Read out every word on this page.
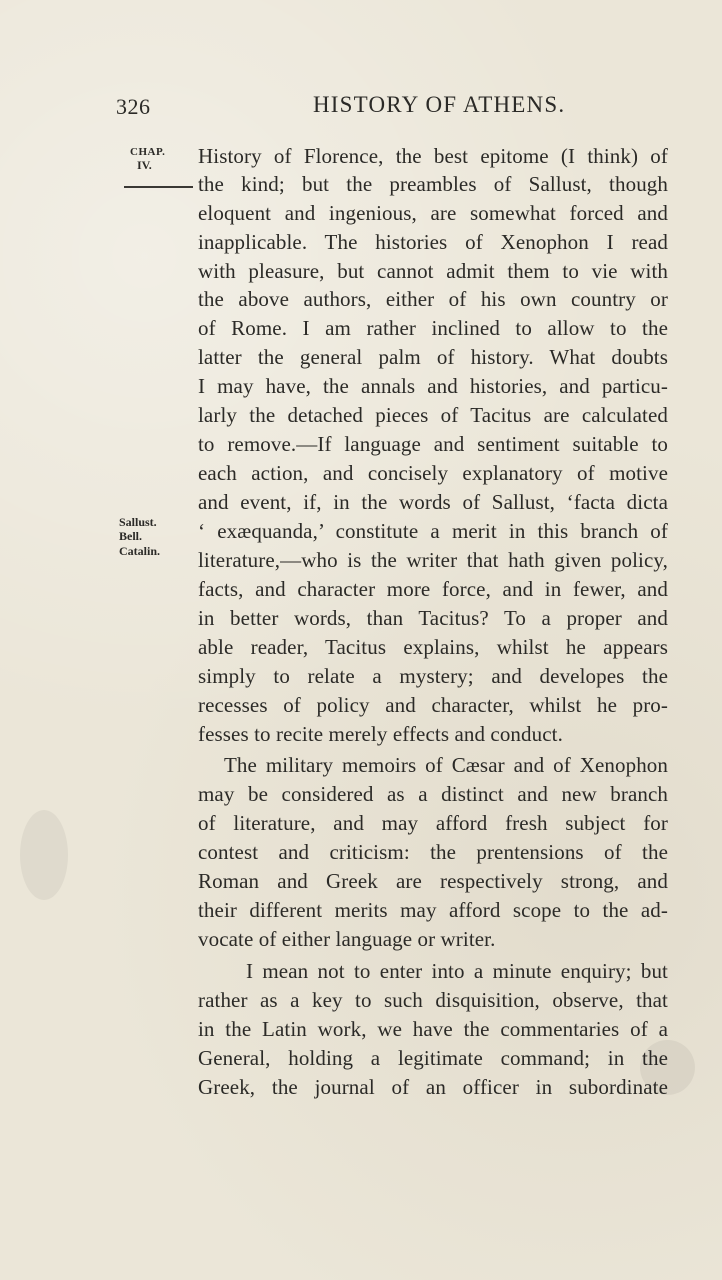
326	HISTORY OF ATHENS.
CHAP.
IV.
Sallust.
Bell.
Catalin.
History of Florence, the best epitome (I think) of
the kind; but the preambles of Sallust, though
eloquent and ingenious, are somewhat forced and
inapplicable. The histories of Xenophon I read
with pleasure, but cannot admit them to vie with
the above authors, either of his own country or
of Rome. I am rather inclined to allow to the
latter the general palm of history. What doubts
I may have, the annals and histories, and particu-
larly the detached pieces of Tacitus are calculated
to remove.—If language and sentiment suitable to
each action, and concisely explanatory of motive
and event, if, in the words of Sallust, ‘facta dicta
‘ exæquanda,’ constitute a merit in this branch of
literature,—who is the writer that hath given policy,
facts, and character more force, and in fewer, and
in better words, than Tacitus? To a proper and
able reader, Tacitus explains, whilst he appears
simply to relate a mystery; and developes the
recesses of policy and character, whilst he pro-
fesses to recite merely effects and conduct.
The military memoirs of Cæsar and of Xenophon
may be considered as a distinct and new branch
of literature, and may afford fresh subject for
contest and criticism: the prentensions of the
Roman and Greek are respectively strong, and
their different merits may afford scope to the ad-
vocate of either language or writer.
I mean not to enter into a minute enquiry; but
rather as a key to such disquisition, observe, that
in the Latin work, we have the commentaries of a
General, holding a legitimate command; in the
Greek, the journal of an officer in subordinate
